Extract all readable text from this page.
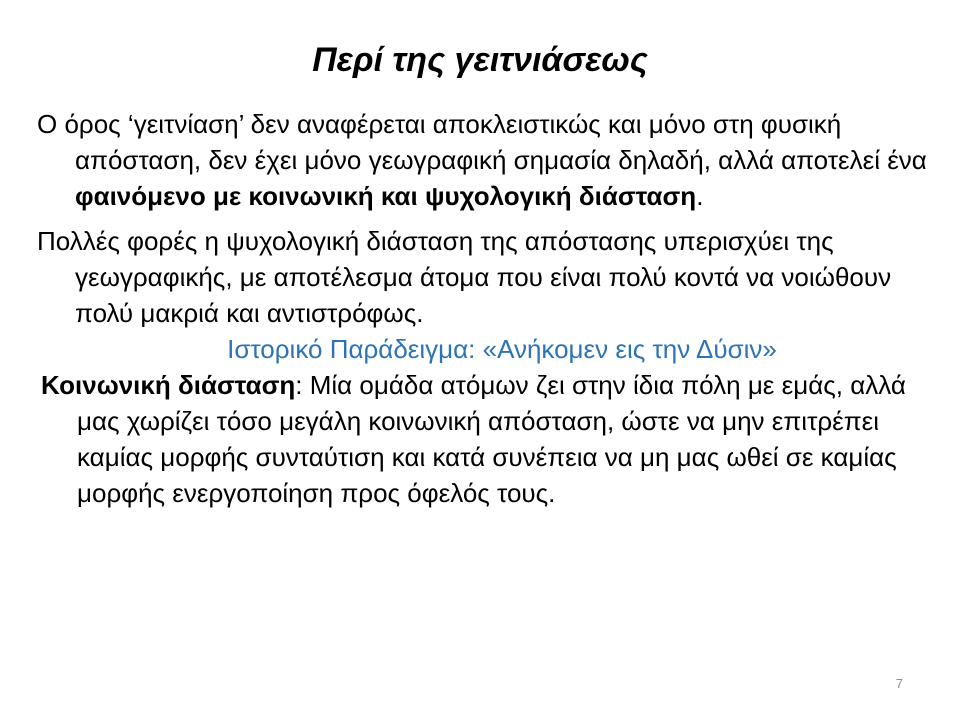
Περί της γειτνιάσεως

Ο όρος ‘γειτνίαση’ δεν αναφέρεται αποκλειστικώς και μόνο στη φυσική απόσταση, δεν έχει μόνο γεωγραφική σημασία δηλαδή, αλλά αποτελεί ένα φαινόμενο με κοινωνική και ψυχολογική διάσταση.

Πολλές φορές η ψυχολογική διάσταση της απόστασης υπερισχύει της γεωγραφικής, με αποτέλεσμα άτομα που είναι πολύ κοντά να νοιώθουν πολύ μακριά και αντιστρόφως.

Ιστορικό Παράδειγμα: «Ανήκομεν εις την Δύσιν»

Κοινωνική διάσταση: Μία ομάδα ατόμων ζει στην ίδια πόλη με εμάς, αλλά μας χωρίζει τόσο μεγάλη κοινωνική απόσταση, ώστε να μην επιτρέπει καμίας μορφής συνταύτιση και κατά συνέπεια να μη μας ωθεί σε καμίας μορφής ενεργοποίηση προς όφελός τους.

7
